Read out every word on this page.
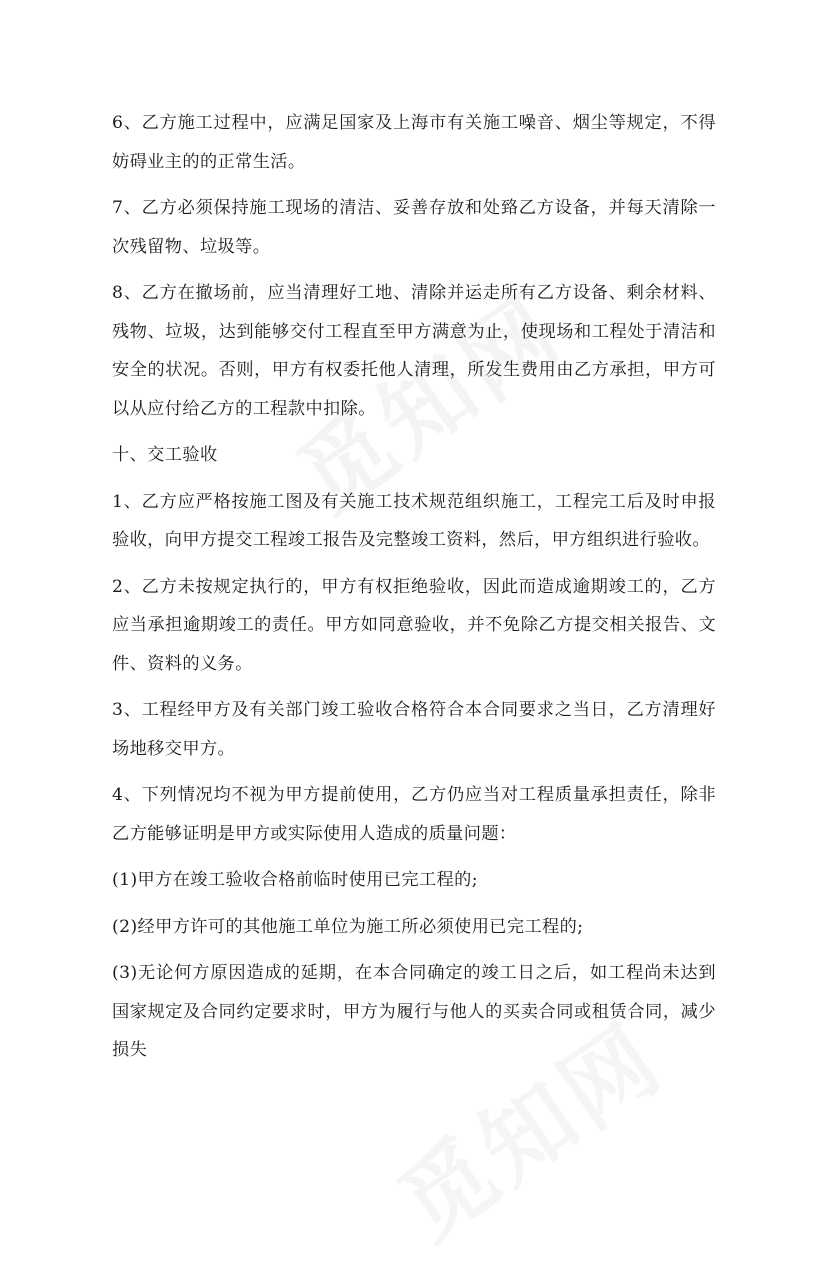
6、乙方施工过程中，应满足国家及上海市有关施工噪音、烟尘等规定，不得妨碍业主的的正常生活。

7、乙方必须保持施工现场的清洁、妥善存放和处臵乙方设备，并每天清除一次残留物、垃圾等。

8、乙方在撤场前，应当清理好工地、清除并运走所有乙方设备、剩余材料、残物、垃圾，达到能够交付工程直至甲方满意为止，使现场和工程处于清洁和安全的状况。否则，甲方有权委托他人清理，所发生费用由乙方承担，甲方可以从应付给乙方的工程款中扣除。

十、交工验收

1、乙方应严格按施工图及有关施工技术规范组织施工，工程完工后及时申报验收，向甲方提交工程竣工报告及完整竣工资料，然后，甲方组织进行验收。

2、乙方未按规定执行的，甲方有权拒绝验收，因此而造成逾期竣工的，乙方应当承担逾期竣工的责任。甲方如同意验收，并不免除乙方提交相关报告、文件、资料的义务。

3、工程经甲方及有关部门竣工验收合格符合本合同要求之当日，乙方清理好场地移交甲方。

4、下列情况均不视为甲方提前使用，乙方仍应当对工程质量承担责任，除非乙方能够证明是甲方或实际使用人造成的质量问题：

(1)甲方在竣工验收合格前临时使用已完工程的;

(2)经甲方许可的其他施工单位为施工所必须使用已完工程的;

(3)无论何方原因造成的延期，在本合同确定的竣工日之后，如工程尚未达到国家规定及合同约定要求时，甲方为履行与他人的买卖合同或租赁合同，减少损失
